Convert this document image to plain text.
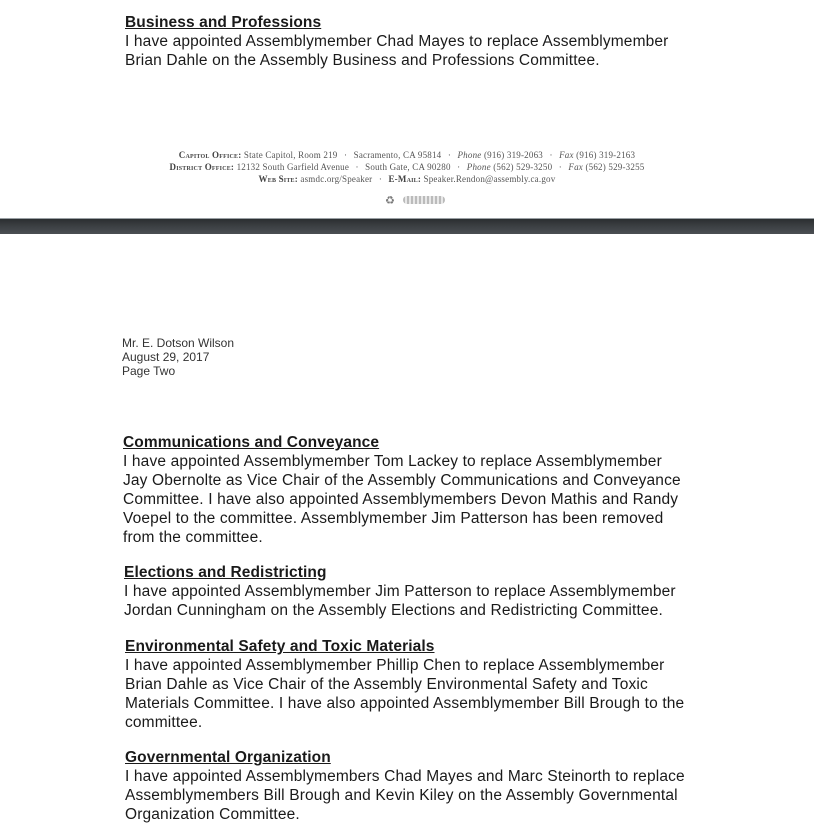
Business and Professions

I have appointed Assemblymember Chad Mayes to replace Assemblymember

Brian Dahle on the Assembly Business and Professions Committee.

Capitol Office: State Capitol, Room 219 · Sacramento, CA 95814 · Phone (916) 319-2063 · Fax (916) 319-2163
District Office: 12132 South Garfield Avenue · South Gate, CA 90280 · Phone (562) 529-3250 · Fax (562) 529-3255
Web Site: asmdc.org/Speaker · E-Mail: Speaker.Rendon@assembly.ca.gov
♻
Mr. E. Dotson Wilson
August 29, 2017
Page Two
Communications and Conveyance

I have appointed Assemblymember Tom Lackey to replace Assemblymember

Jay Obernolte as Vice Chair of the Assembly Communications and Conveyance

Committee. I have also appointed Assemblymembers Devon Mathis and Randy

Voepel to the committee. Assemblymember Jim Patterson has been removed

from the committee.

Elections and Redistricting

I have appointed Assemblymember Jim Patterson to replace Assemblymember

Jordan Cunningham on the Assembly Elections and Redistricting Committee.

Environmental Safety and Toxic Materials

I have appointed Assemblymember Phillip Chen to replace Assemblymember

Brian Dahle as Vice Chair of the Assembly Environmental Safety and Toxic

Materials Committee. I have also appointed Assemblymember Bill Brough to the

committee.

Governmental Organization

I have appointed Assemblymembers Chad Mayes and Marc Steinorth to replace

Assemblymembers Bill Brough and Kevin Kiley on the Assembly Governmental

Organization Committee.
